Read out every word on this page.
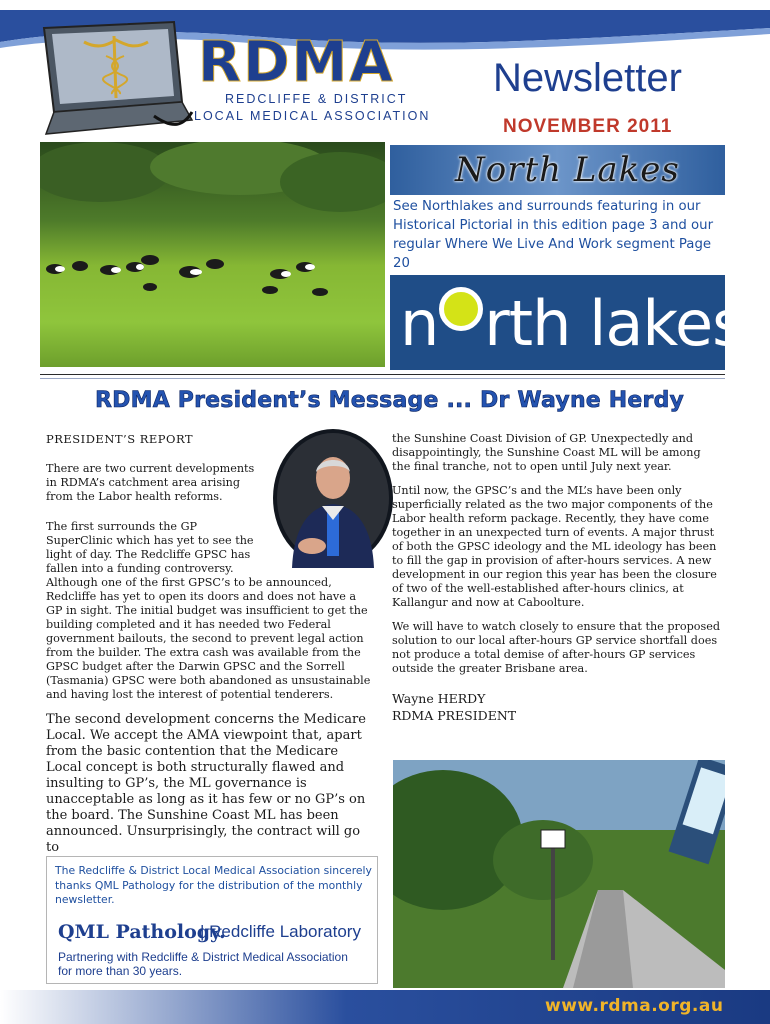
RDMA
REDCLIFFE & DISTRICT
LOCAL MEDICAL ASSOCIATION
Newsletter
NOVEMBER 2011
North Lakes
See Northlakes and surrounds featuring in our Historical Pictorial in this edition page 3 and our regular Where We Live And Work segment Page 20
n rth lakes
RDMA President’s Message ... Dr Wayne Herdy

PRESIDENT’S REPORT

There are two current developments in RDMA’s catchment area arising from the Labor health reforms.

The first surrounds the GP SuperClinic which has yet to see the light of day. The Redcliffe GPSC has fallen into a funding controversy. Although one of the first GPSC’s to be announced, Redcliffe has yet to open its doors and does not have a GP in sight. The initial budget was insufficient to get the building completed and it has needed two Federal government bailouts, the second to prevent legal action from the builder. The extra cash was available from the GPSC budget after the Darwin GPSC and the Sorrell (Tasmania) GPSC were both abandoned as unsustainable and having lost the interest of potential tenderers.

The second development concerns the Medicare Local. We accept the AMA viewpoint that, apart from the basic contention that the Medicare Local concept is both structurally flawed and insulting to GP’s, the ML governance is unacceptable as long as it has few or no GP’s on the board. The Sunshine Coast ML has been announced. Unsurprisingly, the contract will go to

the Sunshine Coast Division of GP. Unexpectedly and disappointingly, the Sunshine Coast ML will be among the final tranche, not to open until July next year.

Until now, the GPSC’s and the ML’s have been only superficially related as the two major components of the Labor health reform package. Recently, they have come together in an unexpected turn of events. A major thrust of both the GPSC ideology and the ML ideology has been to fill the gap in provision of after-hours services. A new development in our region this year has been the closure of two of the well-established after-hours clinics, at Kallangur and now at Caboolture.

We will have to watch closely to ensure that the proposed solution to our local after-hours GP service shortfall does not produce a total demise of after-hours GP services outside the greater Brisbane area.

Wayne HERDY
RDMA PRESIDENT
The Redcliffe & District Local Medical Association sincerely thanks QML Pathology for the distribution of the monthly newsletter.
QML Pathology.
| Redcliffe Laboratory
Partnering with Redcliffe & District Medical Association
for more than 30 years.
www.rdma.org.au
